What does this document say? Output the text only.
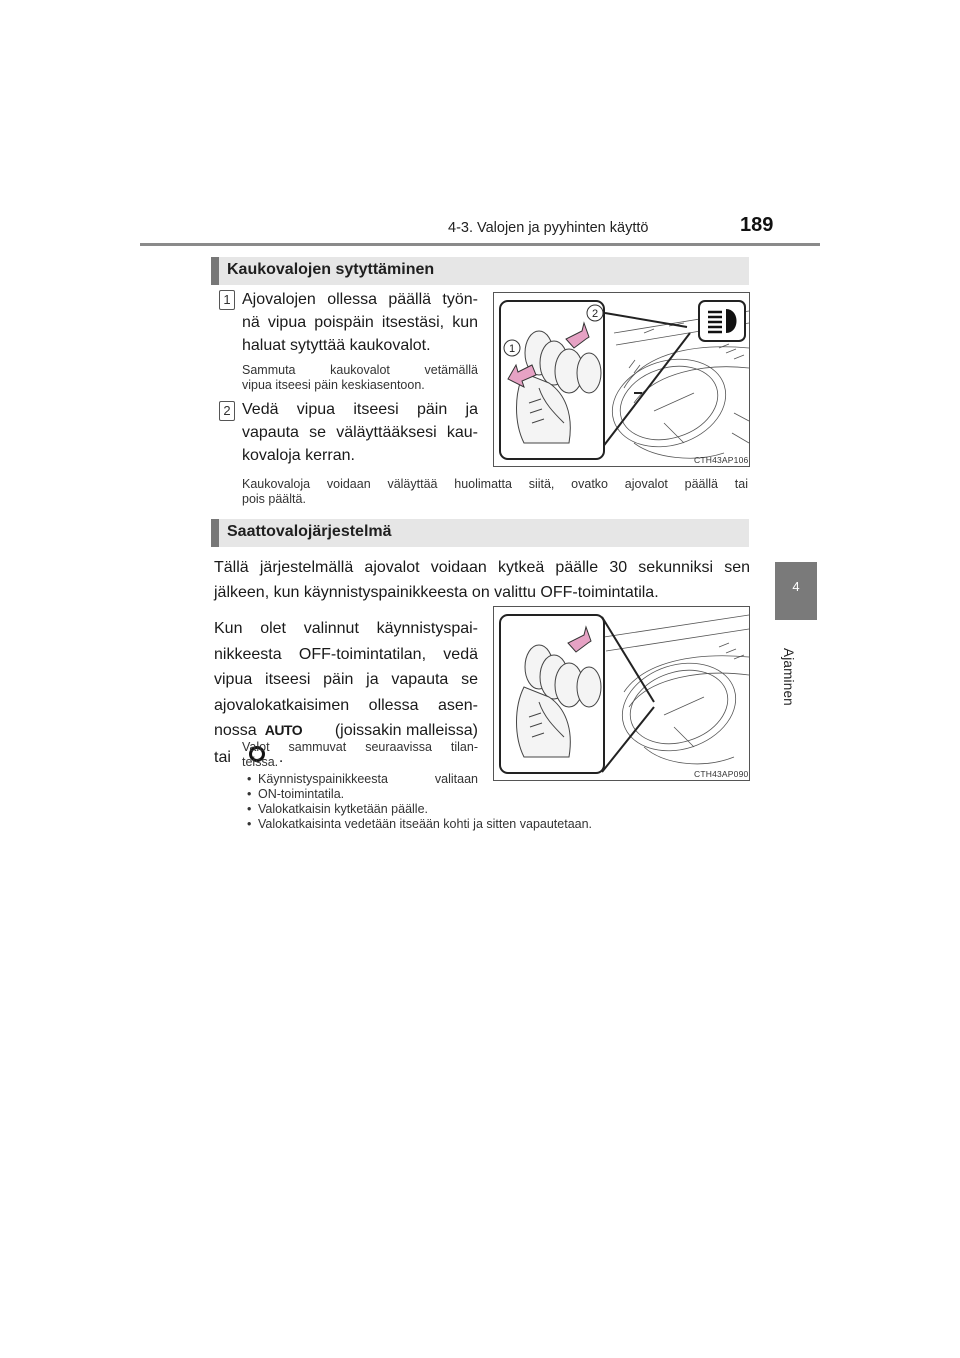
4-3. Valojen ja pyyhinten käyttö	189
4
Ajaminen
Kaukovalojen sytyttäminen
1 Ajovalojen ollessa päällä työn-
nä vipua poispäin itsestäsi, kun
haluat sytyttää kaukovalot.
Sammuta kaukovalot vetämällä
vipua itseesi päin keskiasentoon.
2 Vedä vipua itseesi päin ja
vapauta se väläyttääksesi kau-
kovaloja kerran.
2
1
CTH43AP106
Kaukovaloja voidaan väläyttää huolimatta siitä, ovatko ajovalot päällä tai
pois päältä.
Saattovalojärjestelmä
Tällä järjestelmällä ajovalot voidaan kytkeä päälle 30 sekunniksi sen
jälkeen, kun käynnistyspainikkeesta on valittu OFF-toimintatila.
Kun olet valinnut käynnistyspai-
nikkeesta OFF-toimintatilan, vedä
vipua itseesi päin ja vapauta se
ajovalokatkaisimen ollessa asen-
nossa AUTO (joissakin malleissa)
tai	.
Valot sammuvat seuraavissa tilan-
teissa.
• Käynnistyspainikkeesta valitaan
• ON-toimintatila.
• Valokatkaisin kytketään päälle.
• Valokatkaisinta vedetään itseään kohti ja sitten vapautetaan.
CTH43AP090
